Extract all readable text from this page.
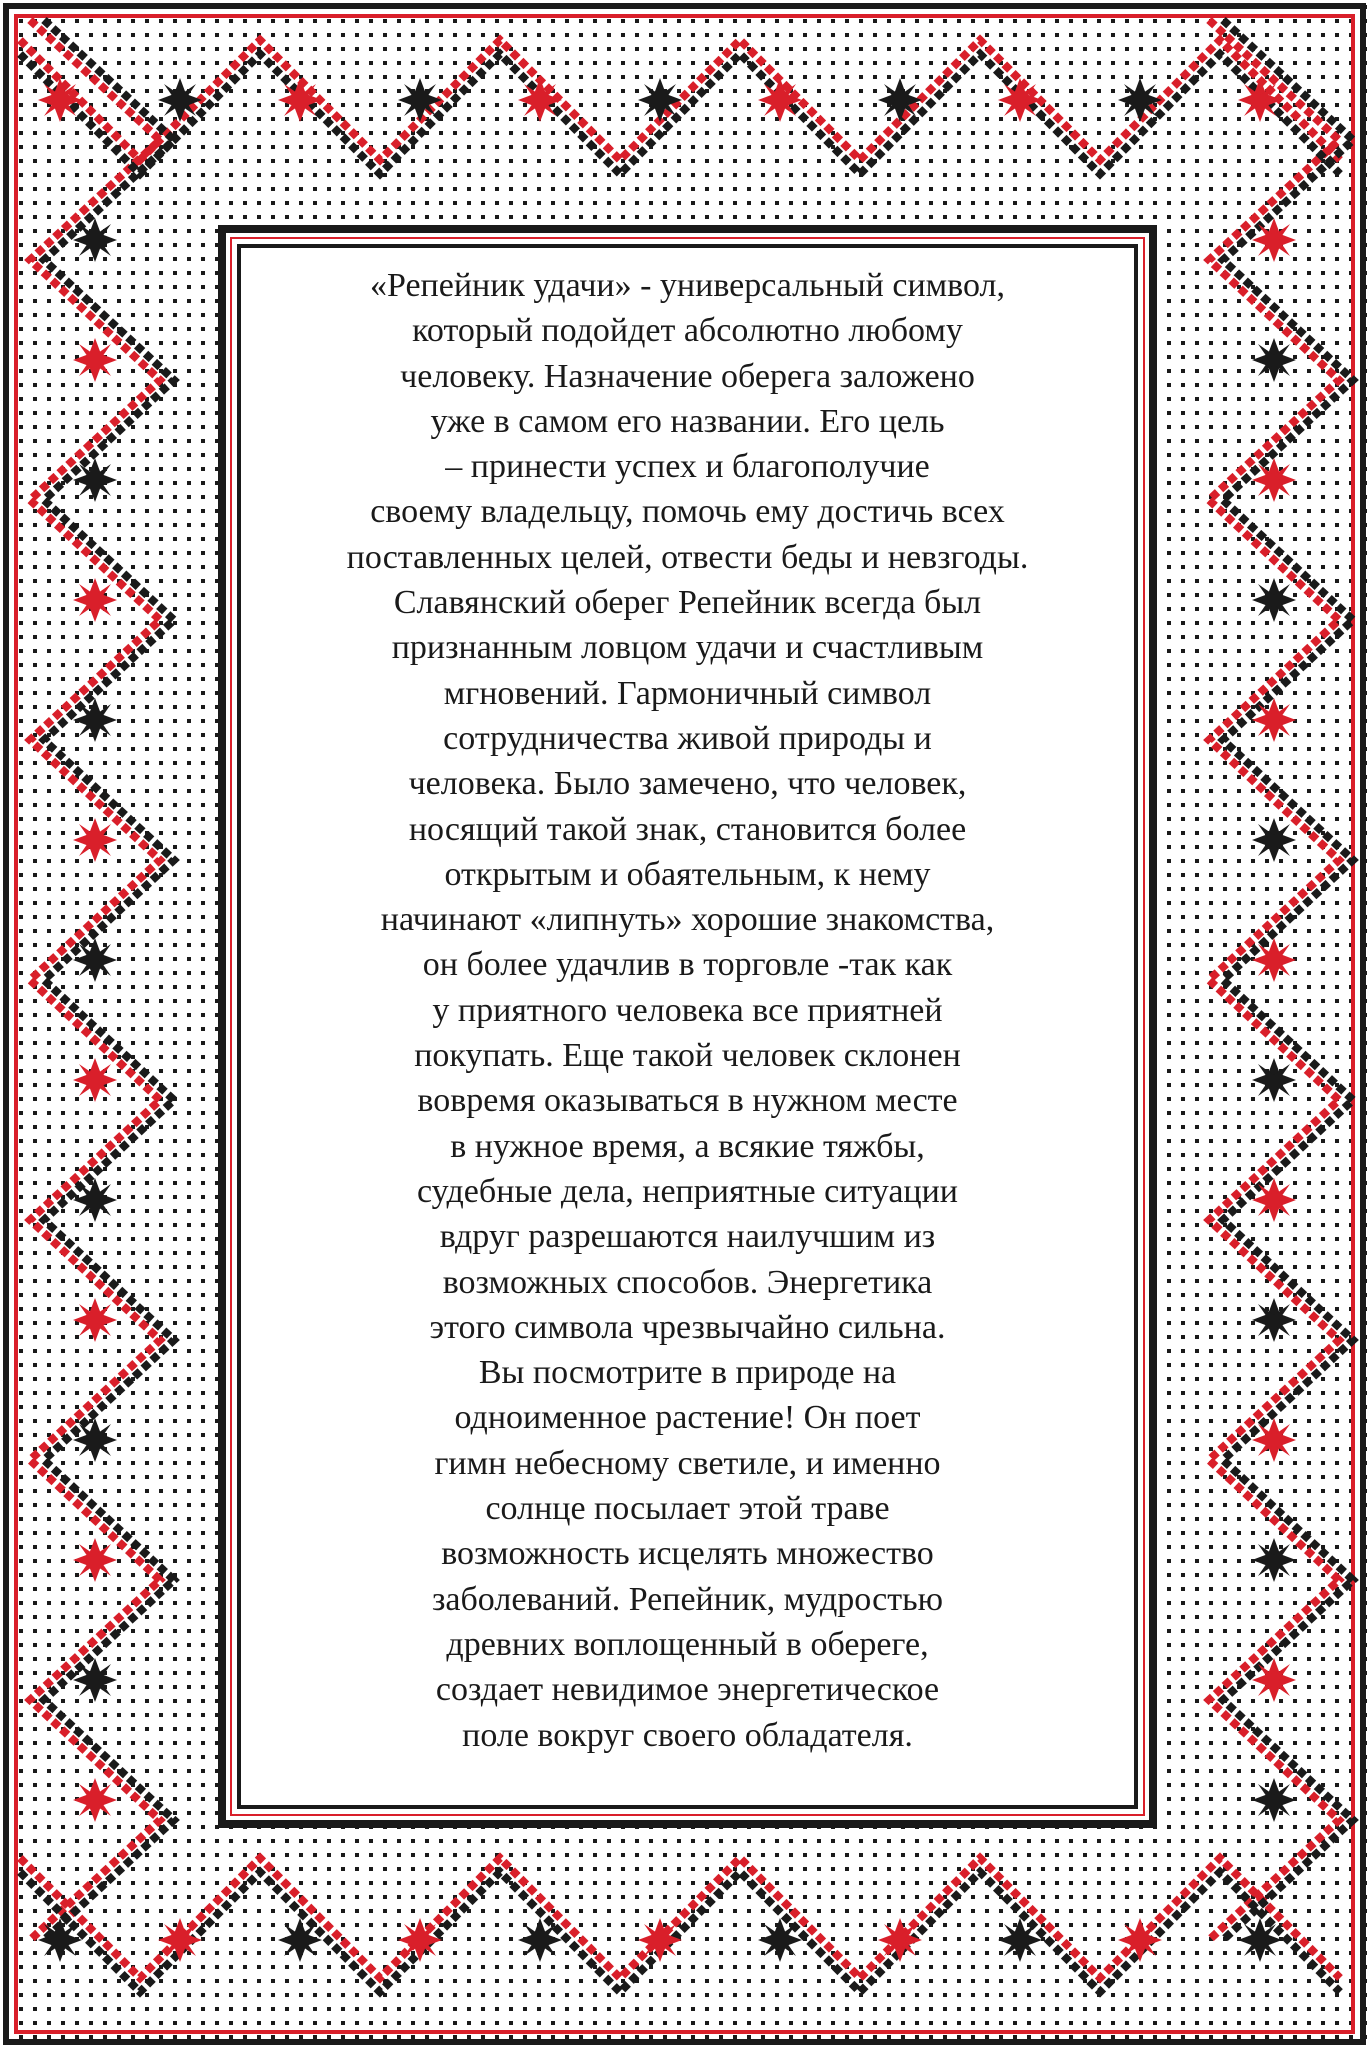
«Репейник удачи» - универсальный символ,
который подойдет абсолютно любому
человеку. Назначение оберега заложено
уже в самом его названии. Его цель
– принести успех и благополучие
своему владельцу, помочь ему достичь всех
поставленных целей, отвести беды и невзгоды.
Славянский оберег Репейник всегда был
признанным ловцом удачи и счастливым
мгновений. Гармоничный символ
сотрудничества живой природы и
человека. Было замечено, что человек,
носящий такой знак, становится более
открытым и обаятельным, к нему
начинают «липнуть» хорошие знакомства,
он более удачлив в торговле -так как
у приятного человека все приятней
покупать. Еще такой человек склонен
вовремя оказываться в нужном месте
в нужное время, а всякие тяжбы,
судебные дела, неприятные ситуации
вдруг разрешаются наилучшим из
возможных способов. Энергетика
этого символа чрезвычайно сильна.
Вы посмотрите в природе на
одноименное растение! Он поет
гимн небесному светиле, и именно
солнце посылает этой траве
возможность исцелять множество
заболеваний. Репейник, мудростью
древних воплощенный в обереге,
создает невидимое энергетическое
поле вокруг своего обладателя.
